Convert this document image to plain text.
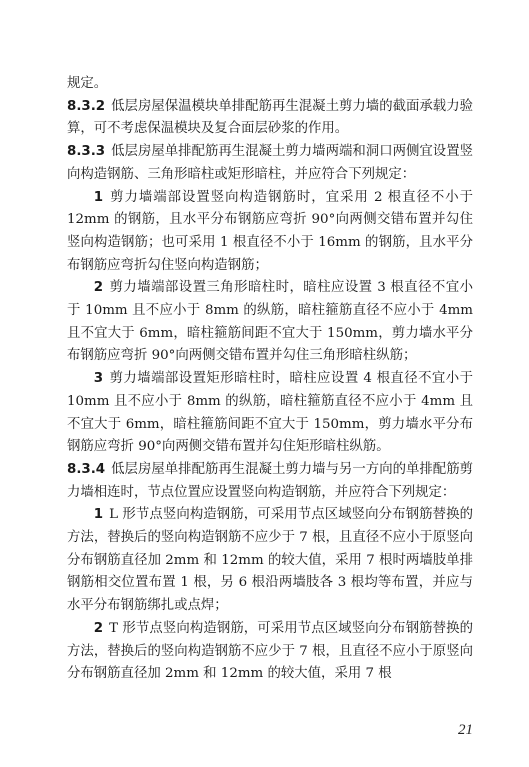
规定。

8.3.2 低层房屋保温模块单排配筋再生混凝土剪力墙的截面承载力验算，可不考虑保温模块及复合面层砂浆的作用。

8.3.3 低层房屋单排配筋再生混凝土剪力墙两端和洞口两侧宜设置竖向构造钢筋、三角形暗柱或矩形暗柱，并应符合下列规定：

1 剪力墙端部设置竖向构造钢筋时，宜采用 2 根直径不小于 12mm 的钢筋，且水平分布钢筋应弯折 90°向两侧交错布置并勾住竖向构造钢筋；也可采用 1 根直径不小于 16mm 的钢筋，且水平分布钢筋应弯折勾住竖向构造钢筋；

2 剪力墙端部设置三角形暗柱时，暗柱应设置 3 根直径不宜小于 10mm 且不应小于 8mm 的纵筋，暗柱箍筋直径不应小于 4mm 且不宜大于 6mm，暗柱箍筋间距不宜大于 150mm，剪力墙水平分布钢筋应弯折 90°向两侧交错布置并勾住三角形暗柱纵筋；

3 剪力墙端部设置矩形暗柱时，暗柱应设置 4 根直径不宜小于 10mm 且不应小于 8mm 的纵筋，暗柱箍筋直径不应小于 4mm 且不宜大于 6mm，暗柱箍筋间距不宜大于 150mm，剪力墙水平分布钢筋应弯折 90°向两侧交错布置并勾住矩形暗柱纵筋。

8.3.4 低层房屋单排配筋再生混凝土剪力墙与另一方向的单排配筋剪力墙相连时，节点位置应设置竖向构造钢筋，并应符合下列规定：

1 L 形节点竖向构造钢筋，可采用节点区域竖向分布钢筋替换的方法，替换后的竖向构造钢筋不应少于 7 根，且直径不应小于原竖向分布钢筋直径加 2mm 和 12mm 的较大值，采用 7 根时两墙肢单排钢筋相交位置布置 1 根，另 6 根沿两墙肢各 3 根均等布置，并应与水平分布钢筋绑扎或点焊；

2 T 形节点竖向构造钢筋，可采用节点区域竖向分布钢筋替换的方法，替换后的竖向构造钢筋不应少于 7 根，且直径不应小于原竖向分布钢筋直径加 2mm 和 12mm 的较大值，采用 7 根

21
